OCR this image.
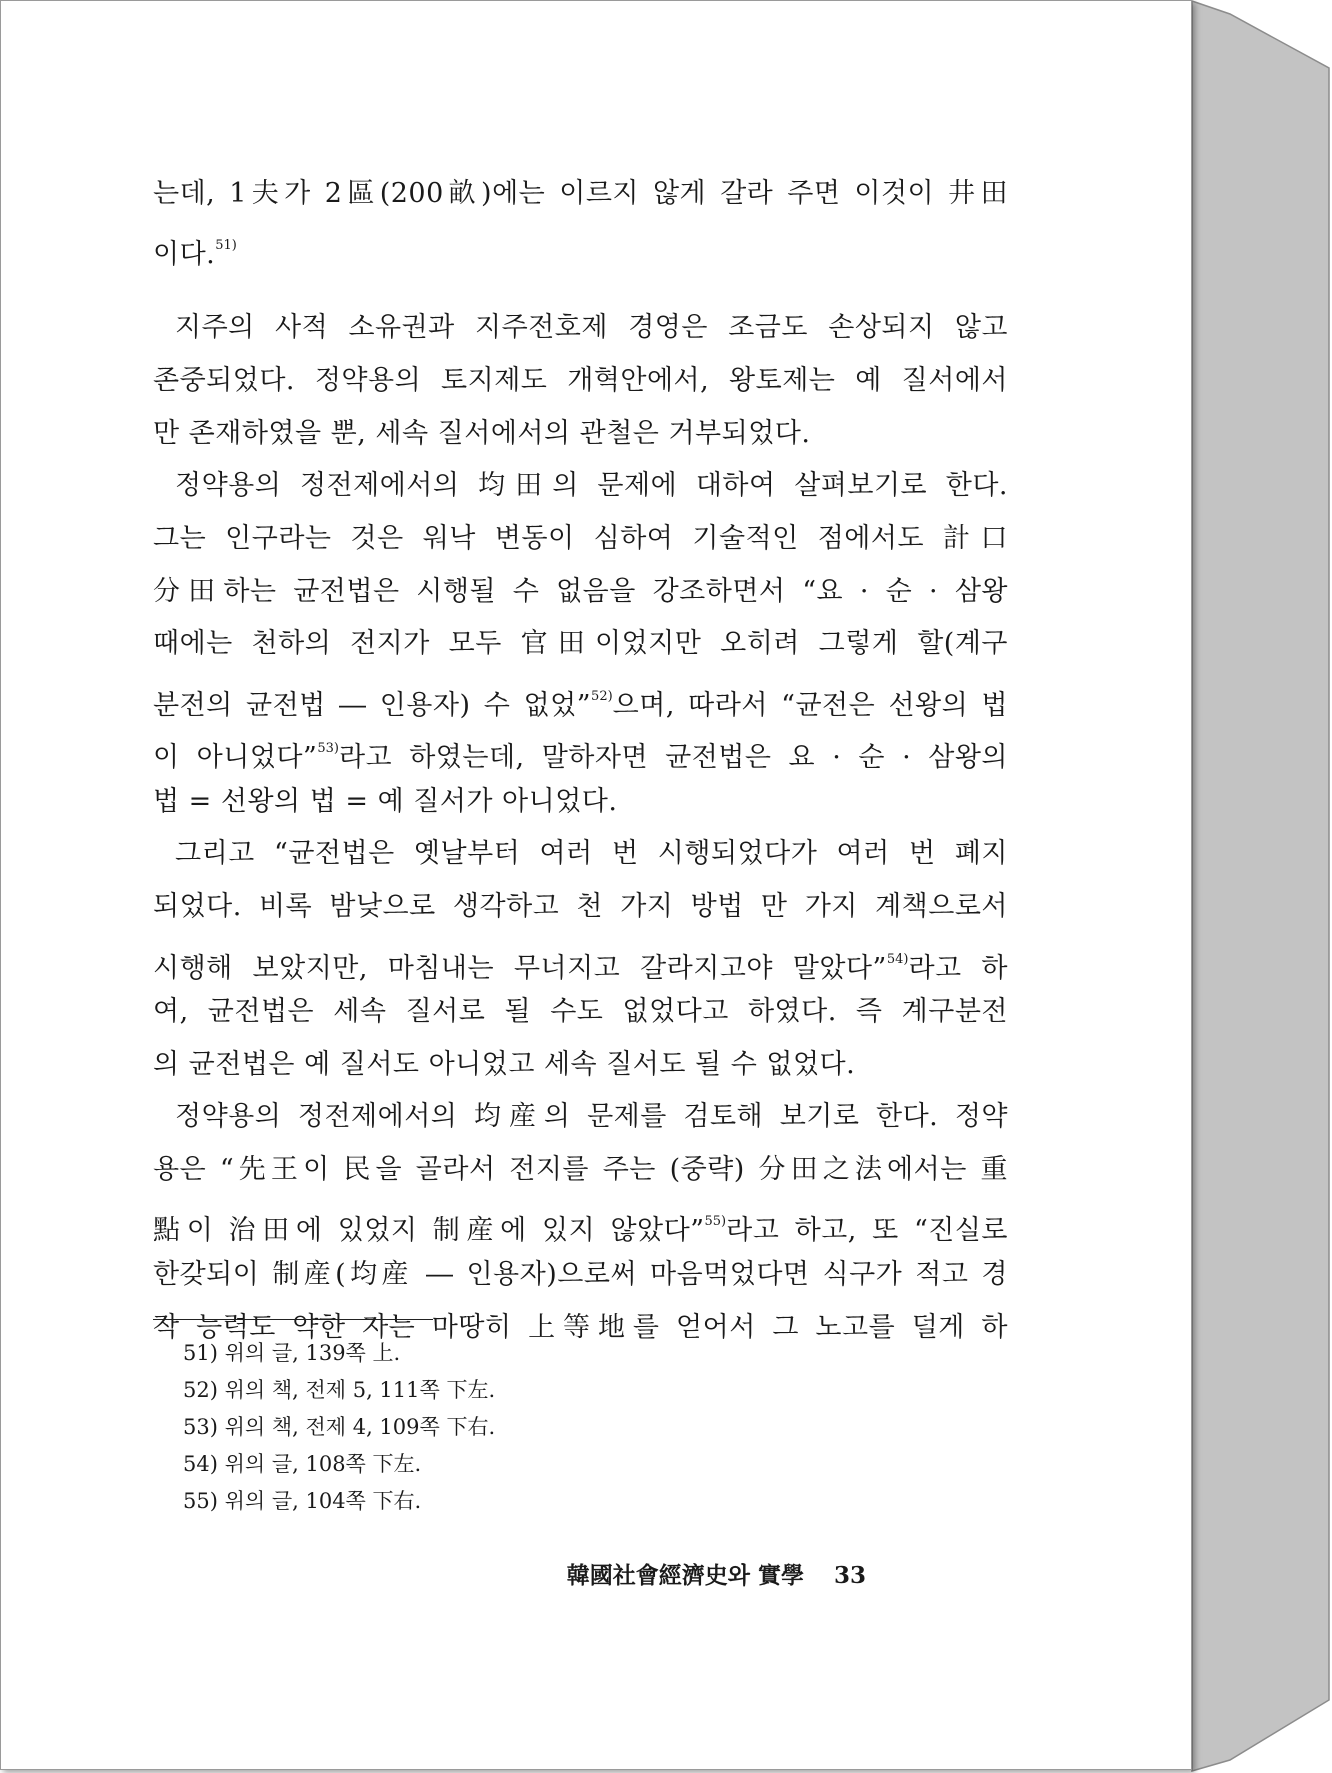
는데, 1夫가 2區(200畝)에는 이르지 않게 갈라 주면 이것이 井田
이다.$^{51)}$
지주의 사적 소유권과 지주전호제 경영은 조금도 손상되지 않고
존중되었다. 정약용의 토지제도 개혁안에서, 왕토제는 예 질서에서
만 존재하였을 뿐, 세속 질서에서의 관철은 거부되었다.
정약용의 정전제에서의 均田의 문제에 대하여 살펴보기로 한다.
그는 인구라는 것은 워낙 변동이 심하여 기술적인 점에서도 計口
分田하는 균전법은 시행될 수 없음을 강조하면서 “요 · 순 · 삼왕
때에는 천하의 전지가 모두 官田이었지만 오히려 그렇게 할(계구
분전의 균전법 ― 인용자) 수 없었”$^{52)}$으며, 따라서 “균전은 선왕의 법
이 아니었다”$^{53)}$라고 하였는데, 말하자면 균전법은 요 · 순 · 삼왕의
법 = 선왕의 법 = 예 질서가 아니었다.
그리고 “균전법은 옛날부터 여러 번 시행되었다가 여러 번 폐지
되었다. 비록 밤낮으로 생각하고 천 가지 방법 만 가지 계책으로서
시행해 보았지만, 마침내는 무너지고 갈라지고야 말았다”$^{54)}$라고 하
여, 균전법은 세속 질서로 될 수도 없었다고 하였다. 즉 계구분전
의 균전법은 예 질서도 아니었고 세속 질서도 될 수 없었다.
정약용의 정전제에서의 均産의 문제를 검토해 보기로 한다. 정약
용은 “先王이 民을 골라서 전지를 주는 (중략) 分田之法에서는 重
點이 治田에 있었지 制産에 있지 않았다”$^{55)}$라고 하고, 또 “진실로
한갖되이 制産(均産 ― 인용자)으로써 마음먹었다면 식구가 적고 경
작 능력도 약한 자는 마땅히 上等地를 얻어서 그 노고를 덜게 하
51) 위의 글, 139쪽 上.
52) 위의 책, 전제 5, 111쪽 下左.
53) 위의 책, 전제 4, 109쪽 下右.
54) 위의 글, 108쪽 下左.
55) 위의 글, 104쪽 下右.
韓國社會經濟史와 實學 33
